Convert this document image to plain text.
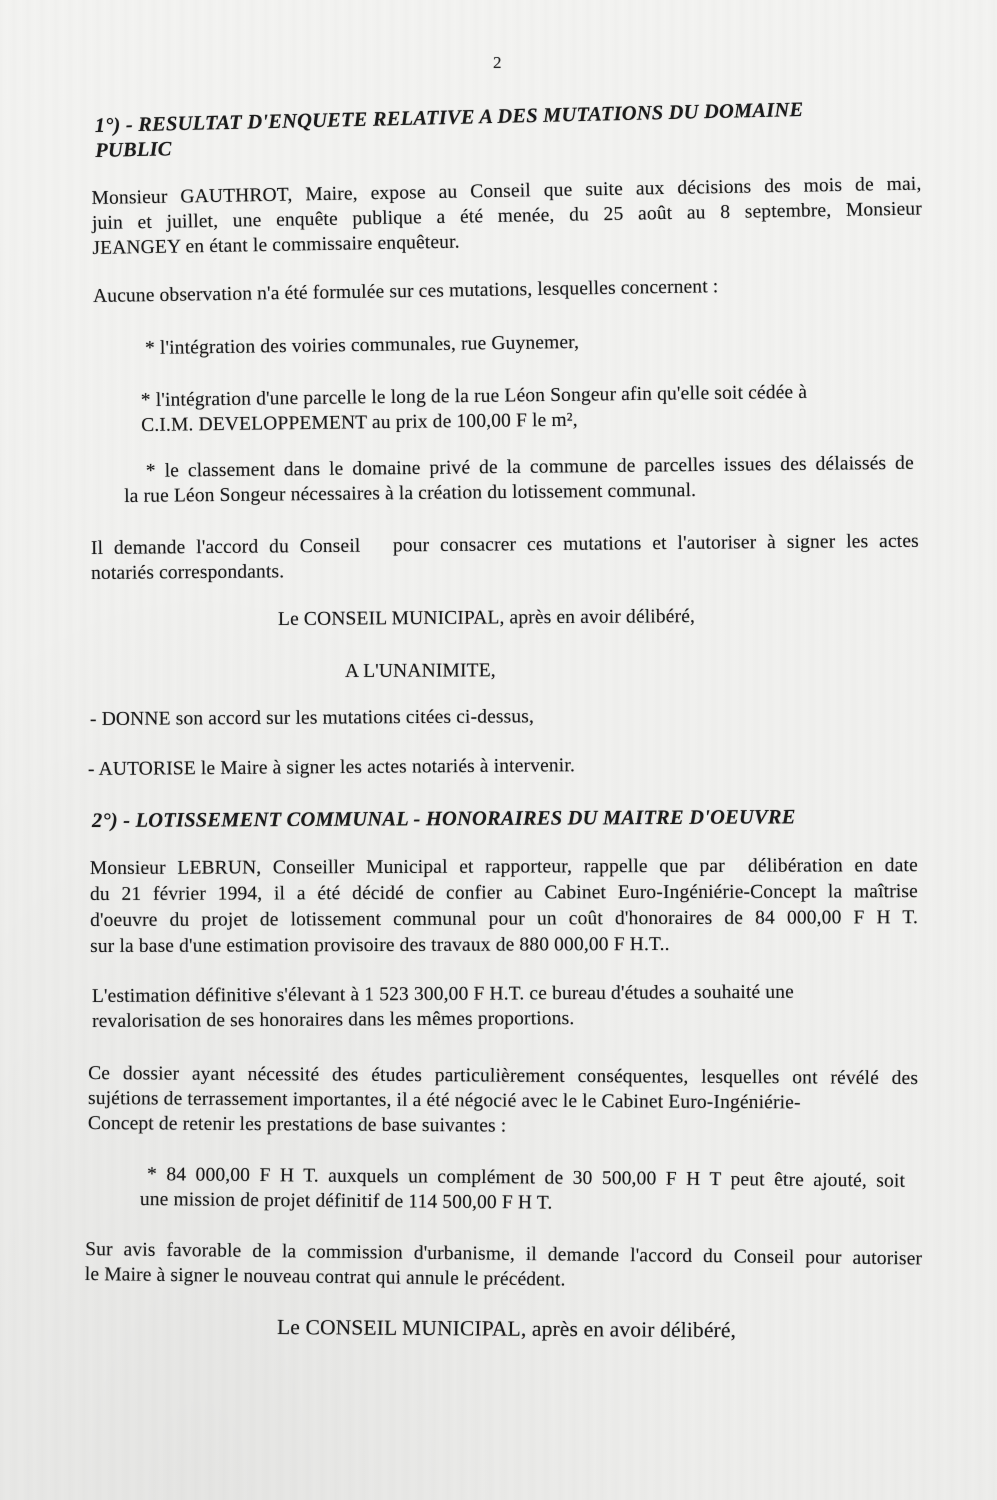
2
1°) - RESULTAT D'ENQUETE RELATIVE A DES MUTATIONS DU DOMAINE
PUBLIC
Monsieur GAUTHROT, Maire, expose au Conseil que suite aux décisions des mois de mai,
juin et juillet, une enquête publique a été menée, du 25 août au 8 septembre, Monsieur
JEANGEY en étant le commissaire enquêteur.
Aucune observation n'a été formulée sur ces mutations, lesquelles concernent :
* l'intégration des voiries communales, rue Guynemer,
* l'intégration d'une parcelle le long de la rue Léon Songeur afin qu'elle soit cédée à
C.I.M. DEVELOPPEMENT au prix de 100,00 F le m²,
* le classement dans le domaine privé de la commune de parcelles issues des délaissés de
la rue Léon Songeur nécessaires à la création du lotissement communal.
Il demande l'accord du Conseil   pour consacrer ces mutations et l'autoriser à signer les actes
notariés correspondants.
Le CONSEIL MUNICIPAL, après en avoir délibéré,
A L'UNANIMITE,
- DONNE son accord sur les mutations citées ci-dessus,
- AUTORISE le Maire à signer les actes notariés à intervenir.
2°) - LOTISSEMENT COMMUNAL - HONORAIRES DU MAITRE D'OEUVRE
Monsieur LEBRUN, Conseiller Municipal et rapporteur, rappelle que par  délibération en date
du 21 février 1994, il a été décidé de confier au Cabinet Euro-Ingéniérie-Concept la maîtrise
d'oeuvre du projet de lotissement communal pour un coût d'honoraires de 84 000,00 F H T.
sur la base d'une estimation provisoire des travaux de 880 000,00 F H.T..
L'estimation définitive s'élevant à 1 523 300,00 F H.T. ce bureau d'études a souhaité une
revalorisation de ses honoraires dans les mêmes proportions.
Ce dossier ayant nécessité des études particulièrement conséquentes, lesquelles ont révélé des
sujétions de terrassement importantes, il a été négocié avec le le Cabinet Euro-Ingéniérie-
Concept de retenir les prestations de base suivantes :
* 84 000,00 F H T. auxquels un complément de 30 500,00 F H T peut être ajouté, soit
une mission de projet définitif de 114 500,00 F H T.
Sur avis favorable de la commission d'urbanisme, il demande l'accord du Conseil pour autoriser
le Maire à signer le nouveau contrat qui annule le précédent.
Le CONSEIL MUNICIPAL, après en avoir délibéré,
